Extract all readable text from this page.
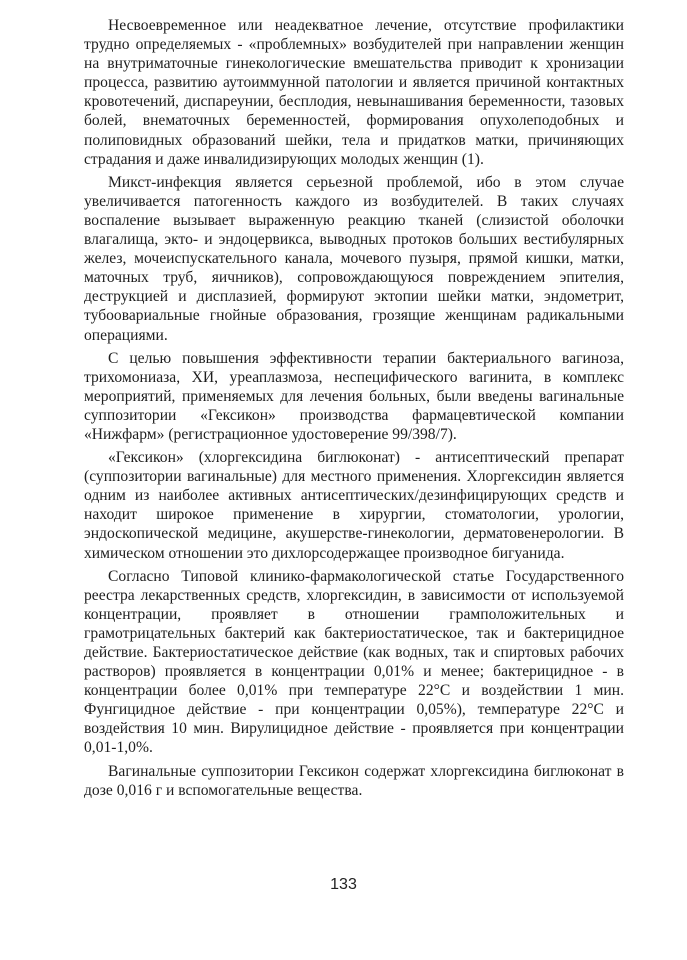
Несвоевременное или неадекватное лечение, отсутствие профилактики трудно определяемых - «проблемных» возбудителей при направлении женщин на внутриматочные гинекологические вмешательства приводит к хронизации процесса, развитию аутоиммунной патологии и является причиной контактных кровотечений, диспареунии, бесплодия, невынашивания беременности, тазовых болей, внематочных беременностей, формирования опухолеподобных и полиповидных образований шейки, тела и придатков матки, причиняющих страдания и даже инвалидизирующих молодых женщин (1).

Микст-инфекция является серьезной проблемой, ибо в этом случае увеличивается патогенность каждого из возбудителей. В таких случаях воспаление вызывает выраженную реакцию тканей (слизистой оболочки влагалища, экто- и эндоцервикса, выводных протоков больших вестибулярных желез, мочеиспускательного канала, мочевого пузыря, прямой кишки, матки, маточных труб, яичников), сопровождающуюся повреждением эпителия, деструкцией и дисплазией, формируют эктопии шейки матки, эндометрит, тубоовариальные гнойные образования, грозящие женщинам радикальными операциями.

С целью повышения эффективности терапии бактериального вагиноза, трихомониаза, ХИ, уреаплазмоза, неспецифического вагинита, в комплекс мероприятий, применяемых для лечения больных, были введены вагинальные суппозитории «Гексикон» производства фармацевтической компании «Нижфарм» (регистрационное удостоверение 99/398/7).

«Гексикон» (хлоргексидина биглюконат) - антисептический препарат (суппозитории вагинальные) для местного применения. Хлоргексидин является одним из наиболее активных антисептических/дезинфицирующих средств и находит широкое применение в хирургии, стоматологии, урологии, эндоскопической медицине, акушерстве-гинекологии, дерматовенерологии. В химическом отношении это дихлорсодержащее производное бигуанида.

Согласно Типовой клинико-фармакологической статье Государственного реестра лекарственных средств, хлоргексидин, в зависимости от используемой концентрации, проявляет в отношении грамположительных и грамотрицательных бактерий как бактериостатическое, так и бактерицидное действие. Бактериостатическое действие (как водных, так и спиртовых рабочих растворов) проявляется в концентрации 0,01% и менее; бактерицидное - в концентрации более 0,01% при температуре 22°С и воздействии 1 мин. Фунгицидное действие - при концентрации 0,05%), температуре 22°С и воздействия 10 мин. Вирулицидное действие - проявляется при концентрации 0,01-1,0%.

Вагинальные суппозитории Гексикон содержат хлоргексидина биглюконат в дозе 0,016 г и вспомогательные вещества.

133
